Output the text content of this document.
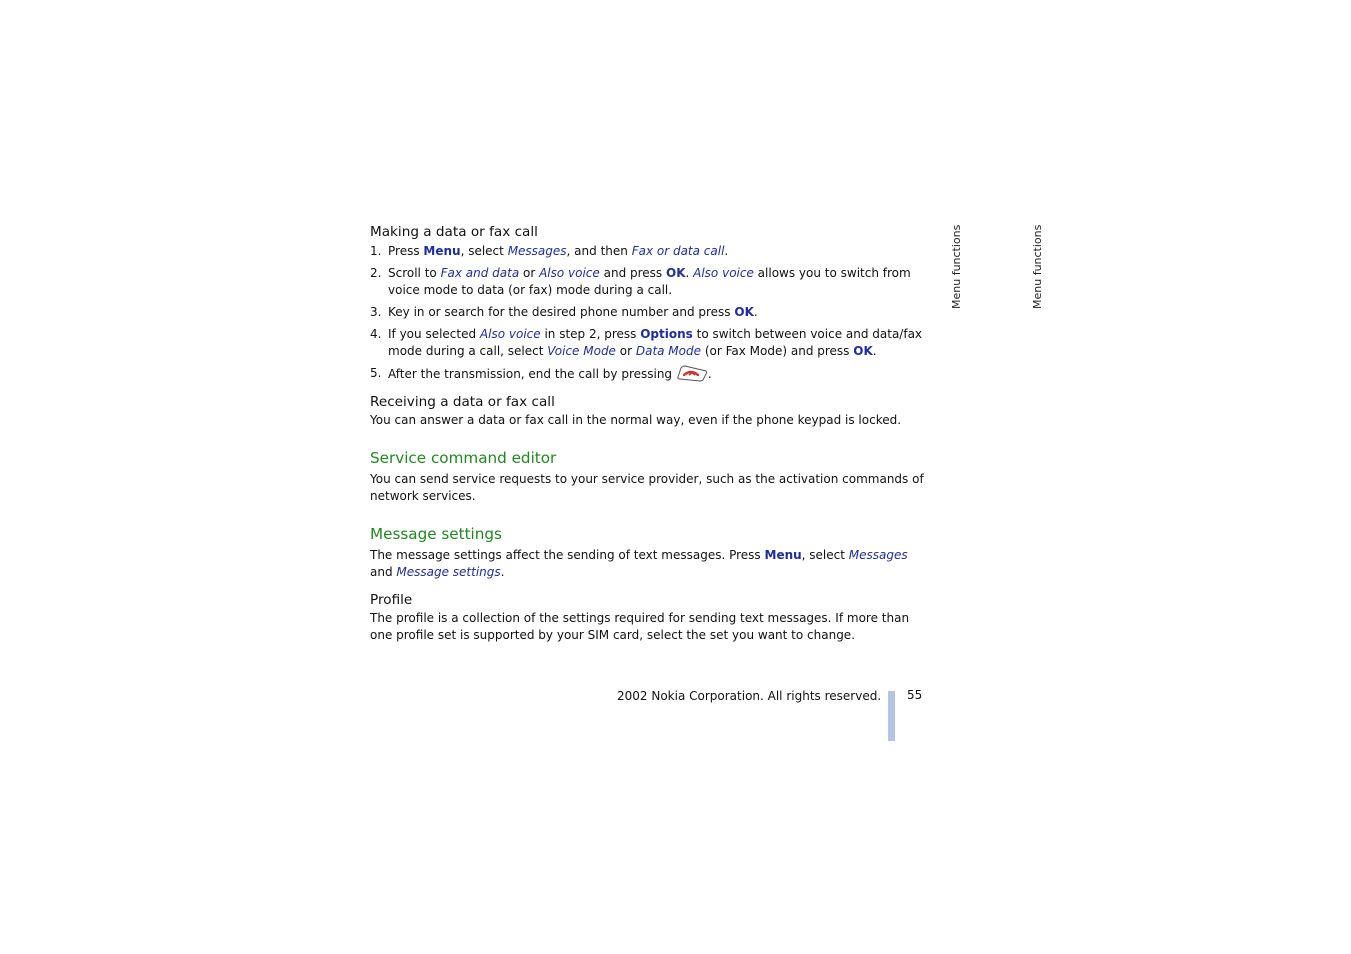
Menu functions	Menu functions
Making a data or fax call
1. Press Menu, select Messages, and then Fax or data call.
2. Scroll to Fax and data or Also voice and press OK. Also voice allows you to switch from voice mode to data (or fax) mode during a call.
3. Key in or search for the desired phone number and press OK.
4. If you selected Also voice in step 2, press Options to switch between voice and data/fax mode during a call, select Voice Mode or Data Mode (or Fax Mode) and press OK.
5. After the transmission, end the call by pressing	.
Receiving a data or fax call

You can answer a data or fax call in the normal way, even if the phone keypad is locked.

Service command editor

You can send service requests to your service provider, such as the activation commands of network services.

Message settings

The message settings affect the sending of text messages. Press Menu, select Messages and Message settings.

Profile

The profile is a collection of the settings required for sending text messages. If more than one profile set is supported by your SIM card, select the set you want to change.

2002 Nokia Corporation. All rights reserved. 55
